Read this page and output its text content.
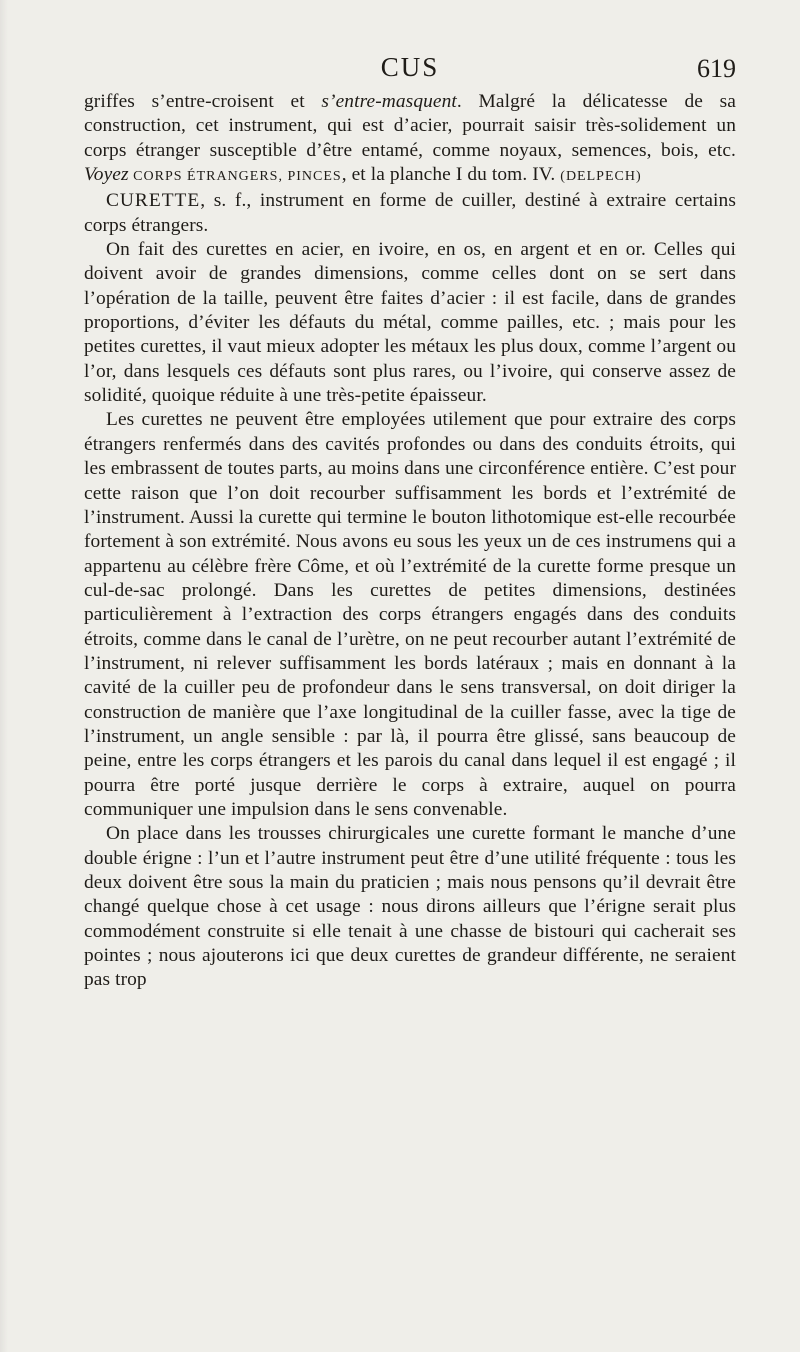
CUS	619

griffes s’entre-croisent et s’entre-masquent. Malgré la délicatesse de sa construction, cet instrument, qui est d’acier, pourrait saisir très-solidement un corps étranger susceptible d’être entamé, comme noyaux, semences, bois, etc. Voyez CORPS ÉTRANGERS, PINCES, et la planche I du tom. IV. (DELPECH)

CURETTE, s. f., instrument en forme de cuiller, destiné à extraire certains corps étrangers.

On fait des curettes en acier, en ivoire, en os, en argent et en or. Celles qui doivent avoir de grandes dimensions, comme celles dont on se sert dans l’opération de la taille, peuvent être faites d’acier : il est facile, dans de grandes proportions, d’éviter les défauts du métal, comme pailles, etc. ; mais pour les petites curettes, il vaut mieux adopter les métaux les plus doux, comme l’argent ou l’or, dans lesquels ces défauts sont plus rares, ou l’ivoire, qui conserve assez de solidité, quoique réduite à une très-petite épaisseur.

Les curettes ne peuvent être employées utilement que pour extraire des corps étrangers renfermés dans des cavités profondes ou dans des conduits étroits, qui les embrassent de toutes parts, au moins dans une circonférence entière. C’est pour cette raison que l’on doit recourber suffisamment les bords et l’extrémité de l’instrument. Aussi la curette qui termine le bouton lithotomique est-elle recourbée fortement à son extrémité. Nous avons eu sous les yeux un de ces instrumens qui a appartenu au célèbre frère Côme, et où l’extrémité de la curette forme presque un cul-de-sac prolongé. Dans les curettes de petites dimensions, destinées particulièrement à l’extraction des corps étrangers engagés dans des conduits étroits, comme dans le canal de l’urètre, on ne peut recourber autant l’extrémité de l’instrument, ni relever suffisamment les bords latéraux ; mais en donnant à la cavité de la cuiller peu de profondeur dans le sens transversal, on doit diriger la construction de manière que l’axe longitudinal de la cuiller fasse, avec la tige de l’instrument, un angle sensible : par là, il pourra être glissé, sans beaucoup de peine, entre les corps étrangers et les parois du canal dans lequel il est engagé ; il pourra être porté jusque derrière le corps à extraire, auquel on pourra communiquer une impulsion dans le sens convenable.

On place dans les trousses chirurgicales une curette formant le manche d’une double érigne : l’un et l’autre instrument peut être d’une utilité fréquente : tous les deux doivent être sous la main du praticien ; mais nous pensons qu’il devrait être changé quelque chose à cet usage : nous dirons ailleurs que l’érigne serait plus commodément construite si elle tenait à une chasse de bistouri qui cacherait ses pointes ; nous ajouterons ici que deux curettes de grandeur différente, ne seraient pas trop
